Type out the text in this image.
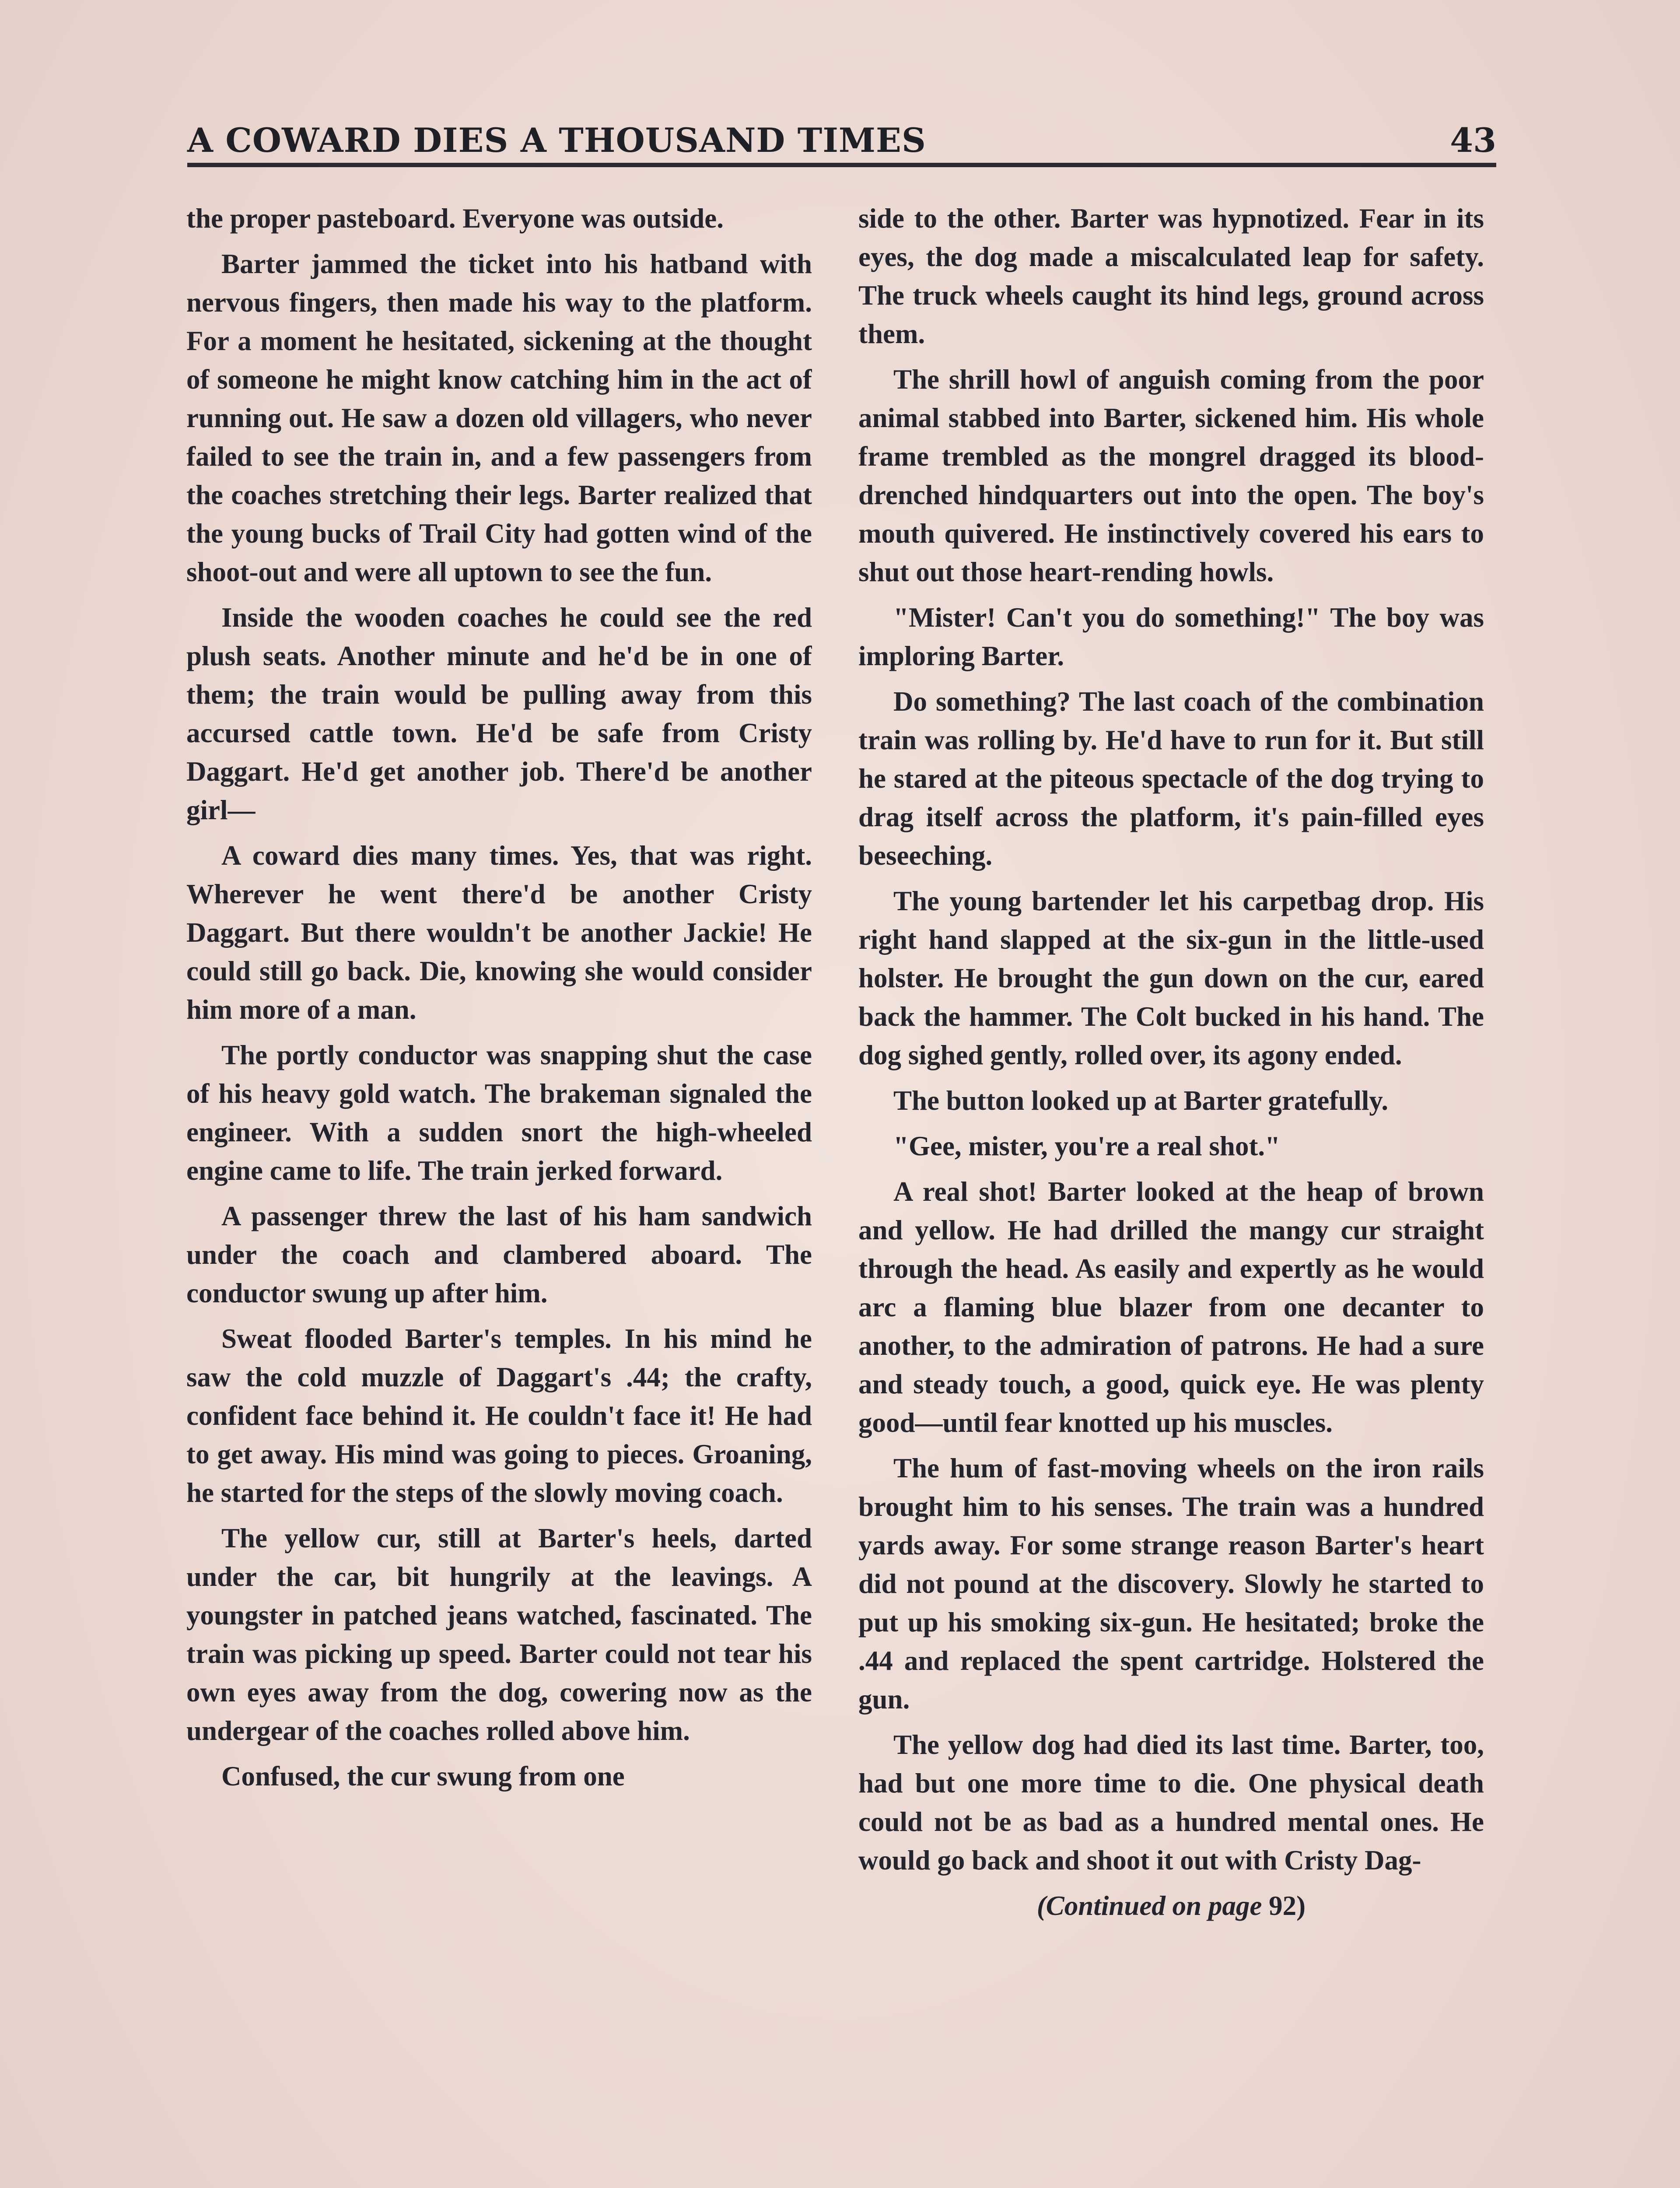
A COWARD DIES A THOUSAND TIMES	43

the proper pasteboard. Everyone was outside.

Barter jammed the ticket into his hatband with nervous fingers, then made his way to the platform. For a moment he hesitated, sickening at the thought of someone he might know catching him in the act of running out. He saw a dozen old villagers, who never failed to see the train in, and a few passengers from the coaches stretching their legs. Barter realized that the young bucks of Trail City had gotten wind of the shoot-out and were all uptown to see the fun.

Inside the wooden coaches he could see the red plush seats. Another minute and he'd be in one of them; the train would be pulling away from this accursed cattle town. He'd be safe from Cristy Daggart. He'd get another job. There'd be another girl—

A coward dies many times. Yes, that was right. Wherever he went there'd be another Cristy Daggart. But there wouldn't be another Jackie! He could still go back. Die, knowing she would consider him more of a man.

The portly conductor was snapping shut the case of his heavy gold watch. The brakeman signaled the engineer. With a sudden snort the high-wheeled engine came to life. The train jerked forward.

A passenger threw the last of his ham sandwich under the coach and clambered aboard. The conductor swung up after him.

Sweat flooded Barter's temples. In his mind he saw the cold muzzle of Daggart's .44; the crafty, confident face behind it. He couldn't face it! He had to get away. His mind was going to pieces. Groaning, he started for the steps of the slowly moving coach.

The yellow cur, still at Barter's heels, darted under the car, bit hungrily at the leavings. A youngster in patched jeans watched, fascinated. The train was picking up speed. Barter could not tear his own eyes away from the dog, cowering now as the undergear of the coaches rolled above him.

Confused, the cur swung from one

side to the other. Barter was hypnotized. Fear in its eyes, the dog made a miscalculated leap for safety. The truck wheels caught its hind legs, ground across them.

The shrill howl of anguish coming from the poor animal stabbed into Barter, sickened him. His whole frame trembled as the mongrel dragged its blood-drenched hindquarters out into the open. The boy's mouth quivered. He instinctively covered his ears to shut out those heart-rending howls.

"Mister! Can't you do something!" The boy was imploring Barter.

Do something? The last coach of the combination train was rolling by. He'd have to run for it. But still he stared at the piteous spectacle of the dog trying to drag itself across the platform, it's pain-filled eyes beseeching.

The young bartender let his carpetbag drop. His right hand slapped at the six-gun in the little-used holster. He brought the gun down on the cur, eared back the hammer. The Colt bucked in his hand. The dog sighed gently, rolled over, its agony ended.

The button looked up at Barter gratefully.

"Gee, mister, you're a real shot."

A real shot! Barter looked at the heap of brown and yellow. He had drilled the mangy cur straight through the head. As easily and expertly as he would arc a flaming blue blazer from one decanter to another, to the admiration of patrons. He had a sure and steady touch, a good, quick eye. He was plenty good—until fear knotted up his muscles.

The hum of fast-moving wheels on the iron rails brought him to his senses. The train was a hundred yards away. For some strange reason Barter's heart did not pound at the discovery. Slowly he started to put up his smoking six-gun. He hesitated; broke the .44 and replaced the spent cartridge. Holstered the gun.

The yellow dog had died its last time. Barter, too, had but one more time to die. One physical death could not be as bad as a hundred mental ones. He would go back and shoot it out with Cristy Dag-

(Continued on page 92)
